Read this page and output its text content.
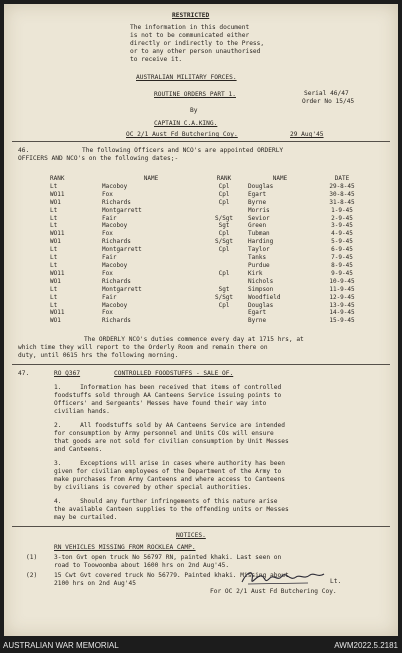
RESTRICTED
The information in this document
is not to be communicated either
directly or indirectly to the Press,
or to any other person unauthorised
to receive it.
AUSTRALIAN MILITARY FORCES.
ROUTINE ORDERS PART 1.	Serial 46/47
Order No 15/45
By
CAPTAIN C.A.KING.
OC 2/1 Aust Fd Butchering Coy.	29 Aug'45
46.	The following Officers and NCO's are appointed ORDERLY
OFFICERS AND NCO's on the following dates;-
RANK	NAME	RANK	NAME	DATE
Lt	Macoboy	Cpl	Douglas	29-8-45
WO11	Fox	Cpl	Egart	30-8-45
WO1	Richards	Cpl	Byrne	31-8-45
Lt	Montgarrett		Morris	1-9-45
Lt	Fair	S/Sgt	Sevior	2-9-45
Lt	Macoboy	Sgt	Green	3-9-45
WO11	Fox	Cpl	Tubman	4-9-45
WO1	Richards	S/Sgt	Harding	5-9-45
Lt	Montgarrett	Cpl	Taylor	6-9-45
Lt	Fair		Tanks	7-9-45
Lt	Macoboy		Purdue	8-9-45
WO11	Fox	Cpl	Kirk	9-9-45
WO1	Richards		Nichols	10-9-45
Lt	Montgarrett	Sgt	Simpson	11-9-45
Lt	Fair	S/Sgt	Woodfield	12-9-45
Lt	Macoboy	Cpl	Douglas	13-9-45
WO11	Fox		Egart	14-9-45
WO1	Richards		Byrne	15-9-45
The ORDERLY NCO's duties commence every day at 1715 hrs, at
which time they will report to the Orderly Room and remain there on
duty, until 0615 hrs the following morning.
47.	RO Q367	CONTROLLED FOODSTUFFS - SALE OF.
1.     Information has been received that items of controlled
foodstuffs sold through AA Canteens Service issuing points to
Officers' and Sergeants' Messes have found their way into
civilian hands.
2.     All foodstuffs sold by AA Canteens Service are intended
for consumption by Army personnel and Units COs will ensure
that goods are not sold for civilian consumption by Unit Messes
and Canteens.
3.     Exceptions will arise in cases where authority has been
given for civilian employees of the Department of the Army to
make purchases from Army Canteens and where access to Canteens
by civilians is covered by other special authorities.
4.     Should any further infringements of this nature arise
the available Canteen supplies to the offending units or Messes
may be curtailed.
NOTICES.
RN VEHICLES MISSING FROM ROCKLEA CAMP.
(1)	3-ton Gvt open truck No 56797 RN, painted khaki. Last seen on
road to Toowoomba about 1600 hrs on 2nd Aug'45.
(2)	15 Cwt Gvt covered truck No 56779. Painted khaki. Missing about
2100 hrs on 2nd Aug'45	Lt.
For OC 2/1 Aust Fd Butchering Coy.
AUSTRALIAN WAR MEMORIAL	AWM2022.5.2181
